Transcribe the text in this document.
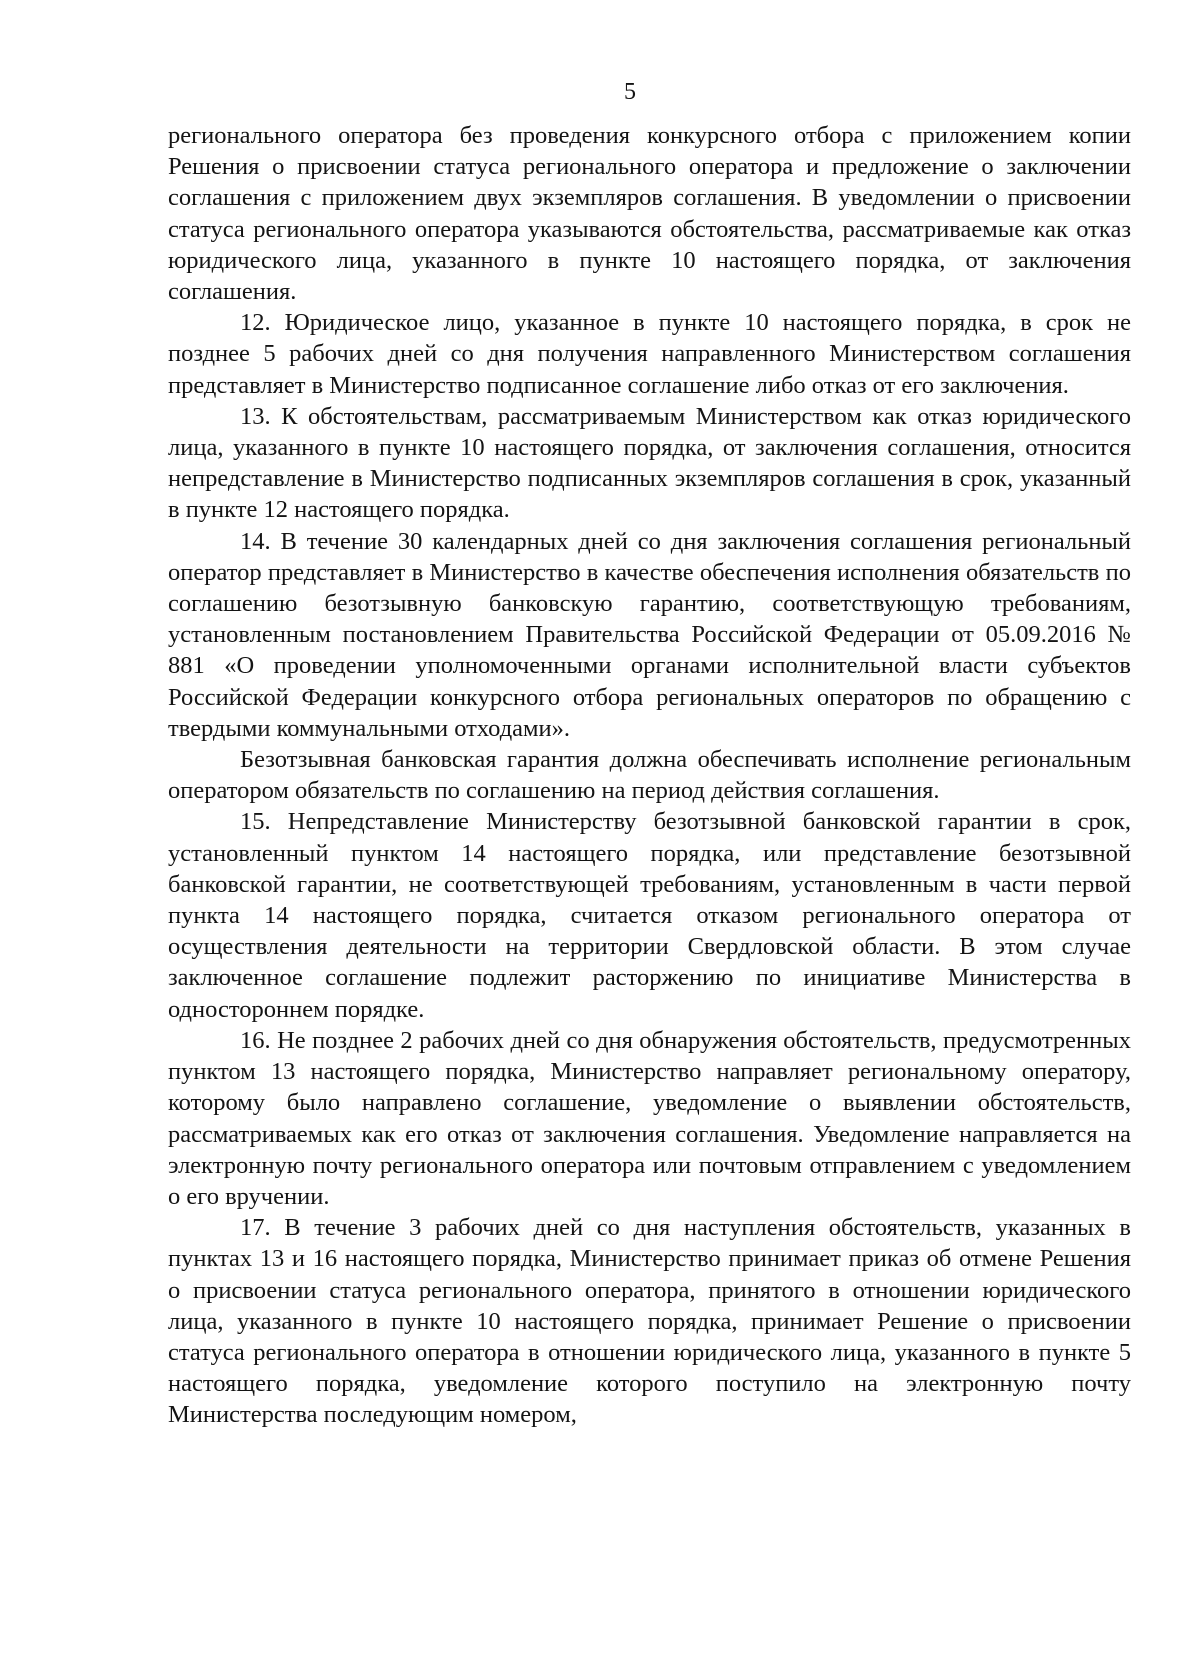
5

регионального оператора без проведения конкурсного отбора с приложением копии Решения о присвоении статуса регионального оператора и предложение о заключении соглашения с приложением двух экземпляров соглашения. В уведомлении о присвоении статуса регионального оператора указываются обстоятельства, рассматриваемые как отказ юридического лица, указанного в пункте 10 настоящего порядка, от заключения соглашения.

12. Юридическое лицо, указанное в пункте 10 настоящего порядка, в срок не позднее 5 рабочих дней со дня получения направленного Министерством соглашения представляет в Министерство подписанное соглашение либо отказ от его заключения.

13. К обстоятельствам, рассматриваемым Министерством как отказ юридического лица, указанного в пункте 10 настоящего порядка, от заключения соглашения, относится непредставление в Министерство подписанных экземпляров соглашения в срок, указанный в пункте 12 настоящего порядка.

14. В течение 30 календарных дней со дня заключения соглашения региональный оператор представляет в Министерство в качестве обеспечения исполнения обязательств по соглашению безотзывную банковскую гарантию, соответствующую требованиям, установленным постановлением Правительства Российской Федерации от 05.09.2016 № 881 «О проведении уполномоченными органами исполнительной власти субъектов Российской Федерации конкурсного отбора региональных операторов по обращению с твердыми коммунальными отходами».

Безотзывная банковская гарантия должна обеспечивать исполнение региональным оператором обязательств по соглашению на период действия соглашения.

15. Непредставление Министерству безотзывной банковской гарантии в срок, установленный пунктом 14 настоящего порядка, или представление безотзывной банковской гарантии, не соответствующей требованиям, установленным в части первой пункта 14 настоящего порядка, считается отказом регионального оператора от осуществления деятельности на территории Свердловской области. В этом случае заключенное соглашение подлежит расторжению по инициативе Министерства в одностороннем порядке.

16. Не позднее 2 рабочих дней со дня обнаружения обстоятельств, предусмотренных пунктом 13 настоящего порядка, Министерство направляет региональному оператору, которому было направлено соглашение, уведомление о выявлении обстоятельств, рассматриваемых как его отказ от заключения соглашения. Уведомление направляется на электронную почту регионального оператора или почтовым отправлением с уведомлением о его вручении.

17. В течение 3 рабочих дней со дня наступления обстоятельств, указанных в пунктах 13 и 16 настоящего порядка, Министерство принимает приказ об отмене Решения о присвоении статуса регионального оператора, принятого в отношении юридического лица, указанного в пункте 10 настоящего порядка, принимает Решение о присвоении статуса регионального оператора в отношении юридического лица, указанного в пункте 5 настоящего порядка, уведомление которого поступило на электронную почту Министерства последующим номером,
